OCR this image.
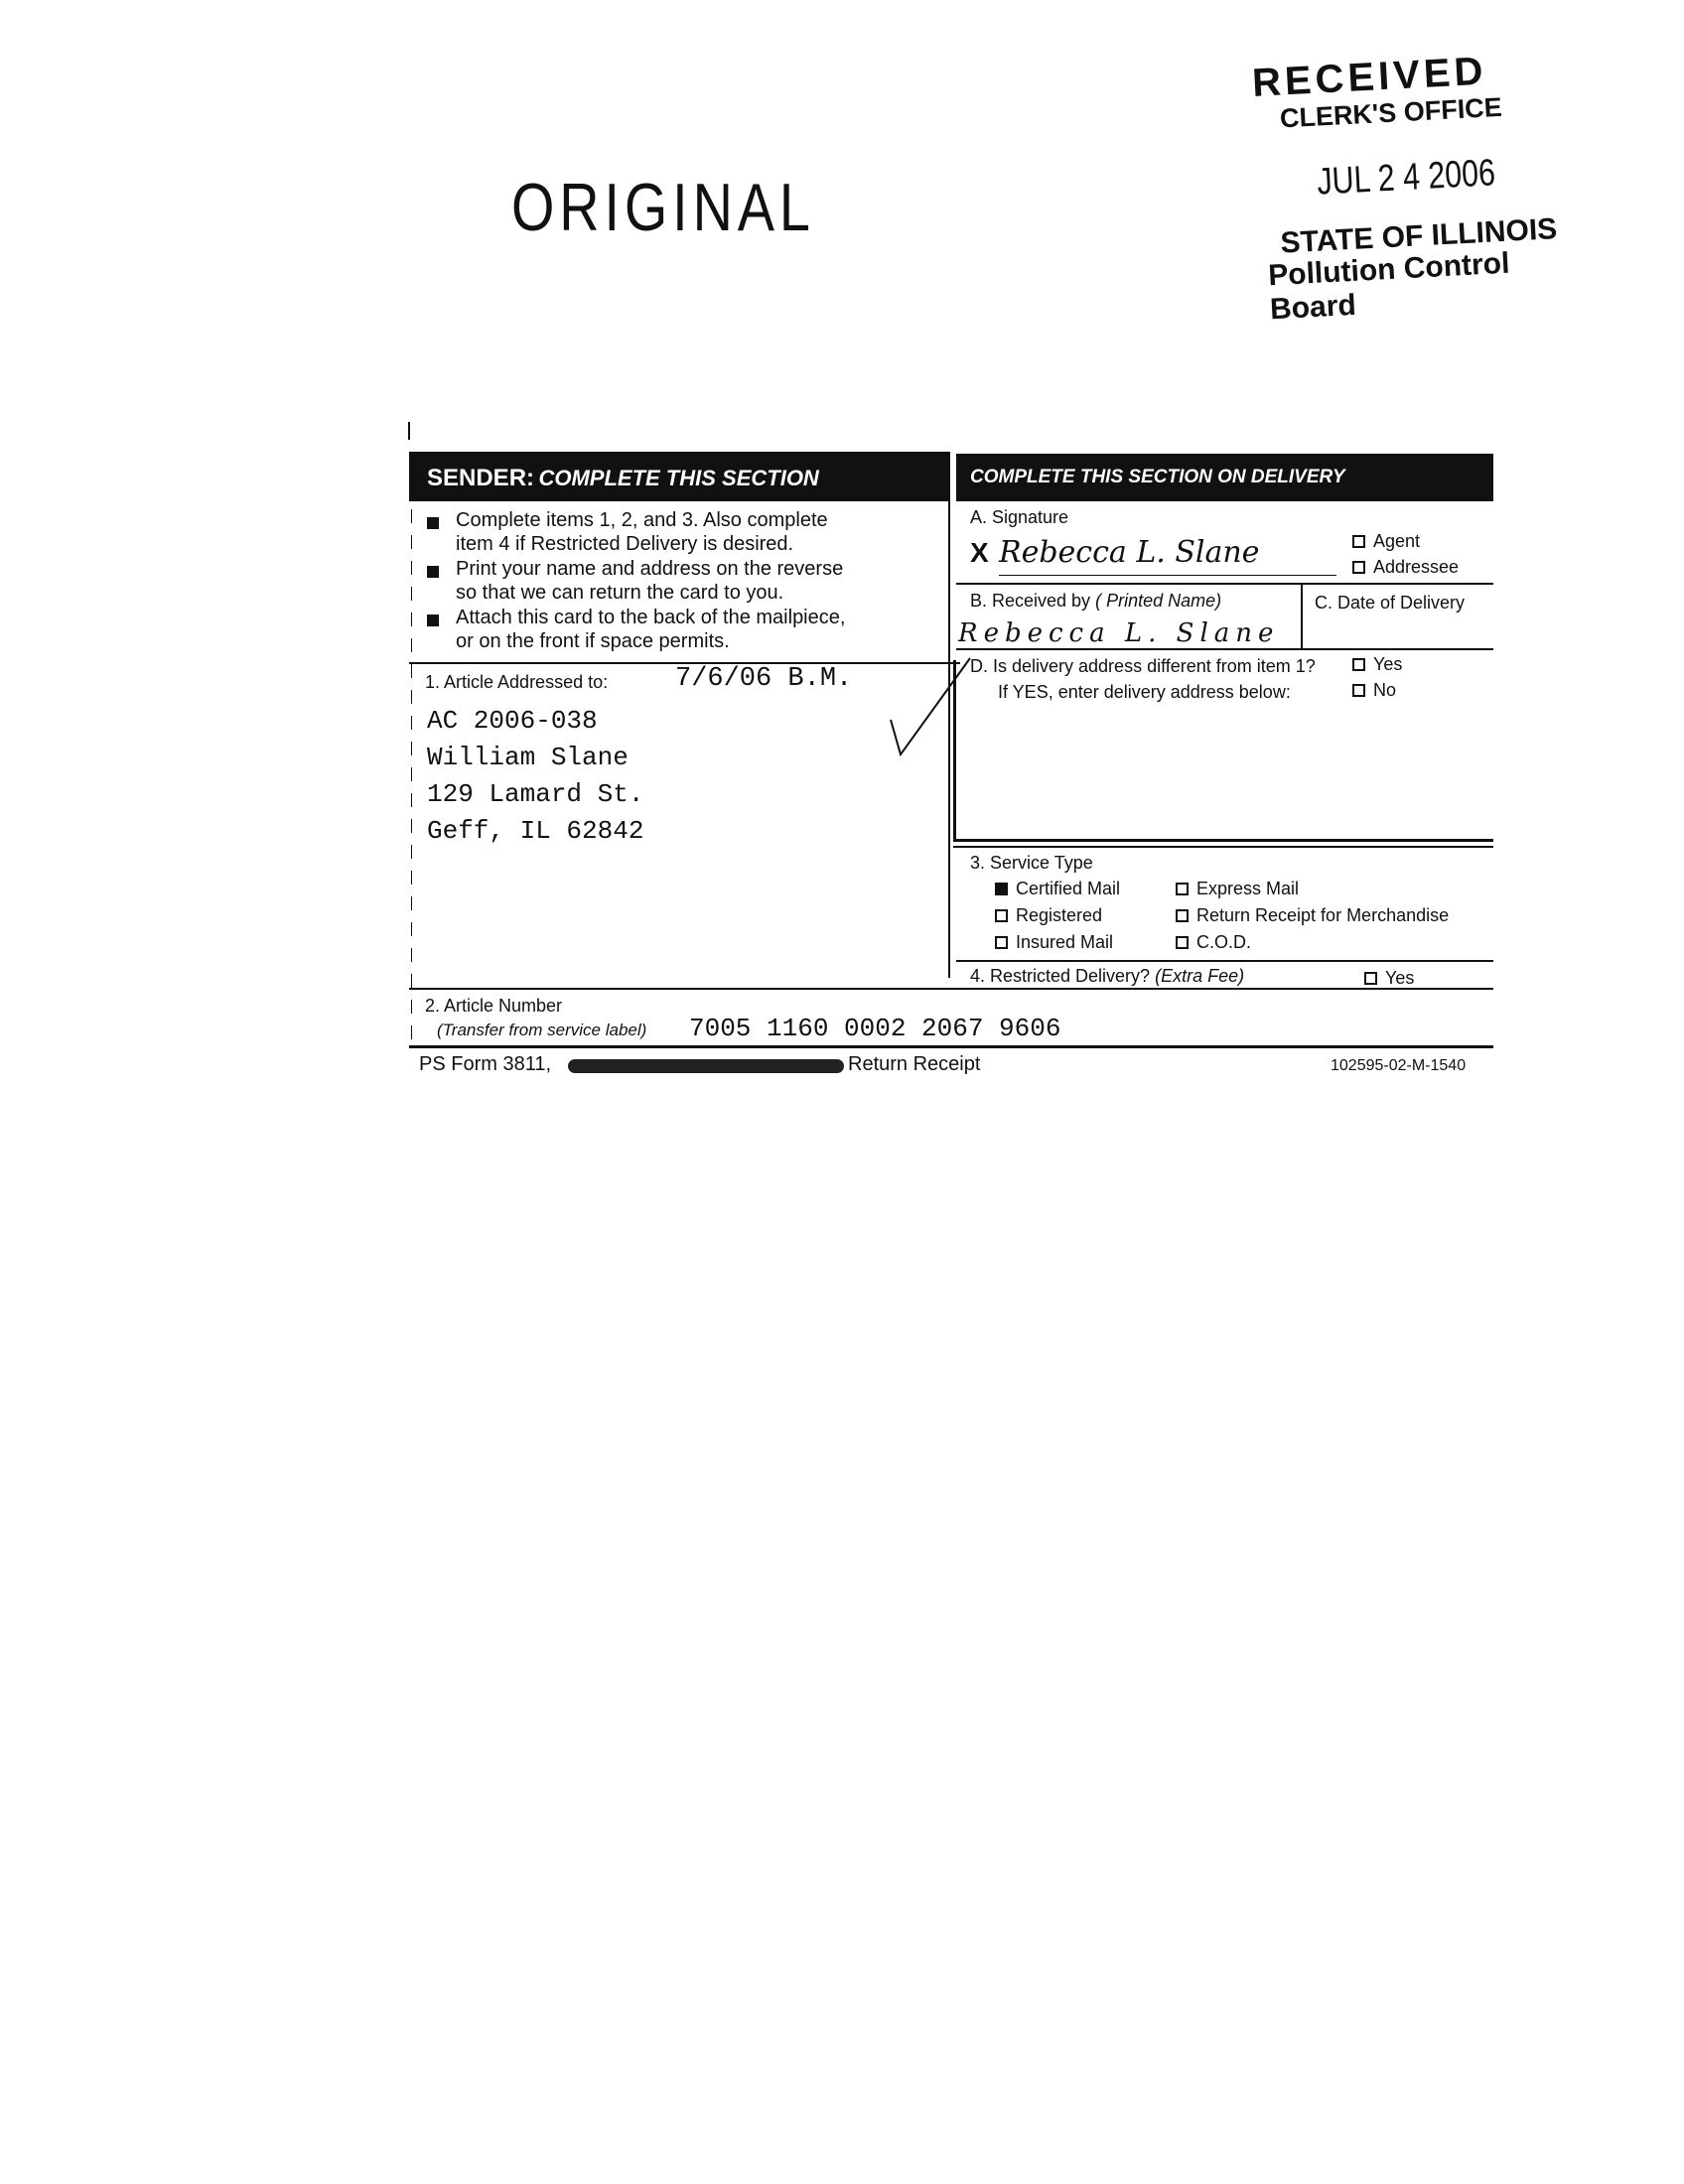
RECEIVED
CLERK'S OFFICE
JUL 2 4 2006
STATE OF ILLINOIS
Pollution Control Board
ORIGINAL
SENDER: COMPLETE THIS SECTION	COMPLETE THIS SECTION ON DELIVERY
Complete items 1, 2, and 3. Also complete
item 4 if Restricted Delivery is desired.
Print your name and address on the reverse
so that we can return the card to you.
Attach this card to the back of the mailpiece,
or on the front if space permits.
1. Article Addressed to:	7/6/06 B.M.
AC 2006-038
William Slane
129 Lamard St.
Geff, IL 62842
A. Signature
X Rebecca L. Slane	Agent
Addressee
B. Received by ( Printed Name)	C. Date of Delivery
Rebecca L. Slane
D. Is delivery address different from item 1?	Yes
If YES, enter delivery address below:	No
3. Service Type
Certified Mail	Express Mail
Registered	Return Receipt for Merchandise
Insured Mail	C.O.D.
4. Restricted Delivery? (Extra Fee)	Yes
2. Article Number
(Transfer from service label) 7005 1160 0002 2067 9606
PS Form 3811,	Return Receipt	102595-02-M-1540
